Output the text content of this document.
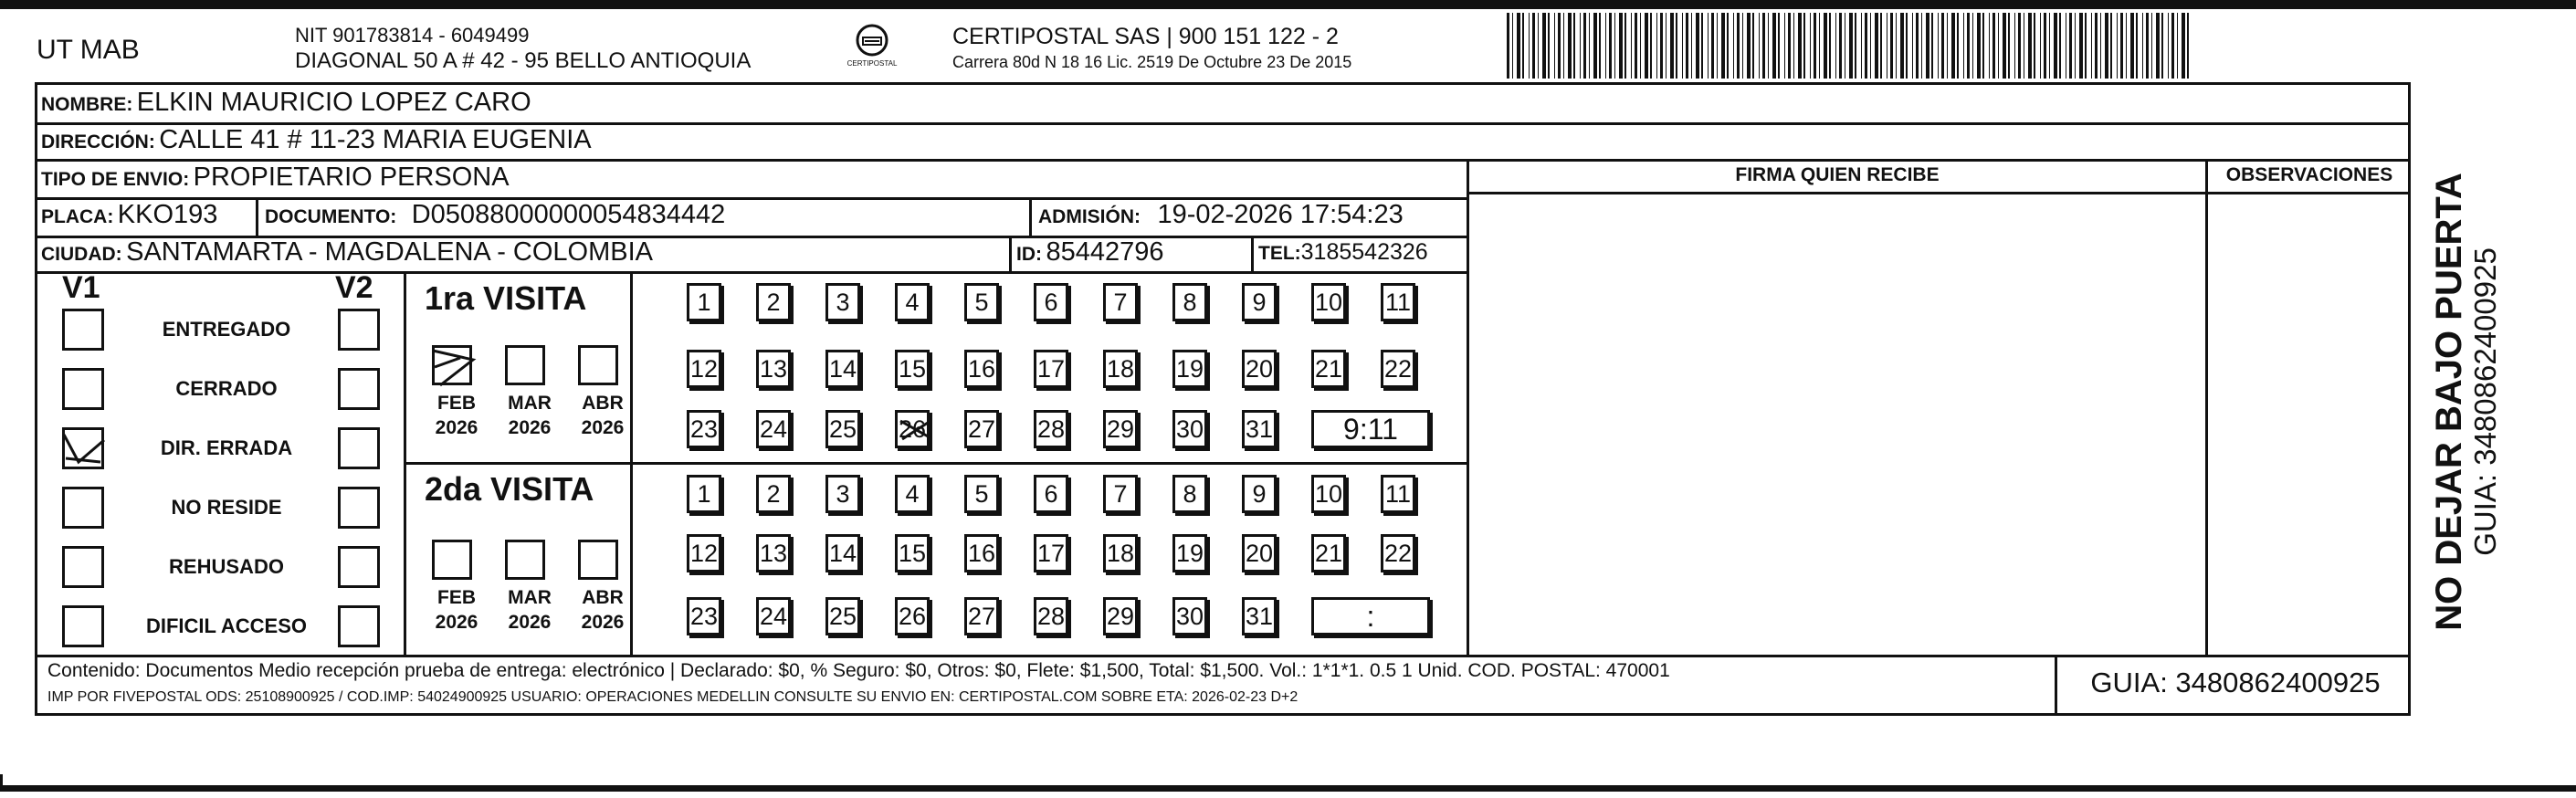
UT MAB	NIT 901783814 - 6049499
DIAGONAL 50 A # 42 - 95 BELLO ANTIOQUIA	CERTIPOSTAL
CERTIPOSTAL SAS | 900 151 122 - 2
Carrera 80d N 18 16 Lic. 2519 De Octubre 23 De 2015
NOMBRE: ELKIN MAURICIO LOPEZ CARO
DIRECCIÓN: CALLE 41 # 11-23 MARIA EUGENIA
TIPO DE ENVIO: PROPIETARIO PERSONA
PLACA: KKO193 DOCUMENTO: D05088000000054834442	ADMISIÓN: 19-02-2026 17:54:23
CIUDAD: SANTAMARTA - MAGDALENA - COLOMBIA	ID: 85442796	TEL:3185542326
FIRMA QUIEN RECIBE	OBSERVACIONES
V1	V2 1ra VISITA
2da VISITA
Contenido: Documentos Medio recepción prueba de entrega: electrónico | Declarado: $0, % Seguro: $0, Otros: $0, Flete: $1,500, Total: $1,500. Vol.: 1*1*1. 0.5 1 Unid. COD. POSTAL: 470001
IMP POR FIVEPOSTAL ODS: 25108900925 / COD.IMP: 54024900925 USUARIO: OPERACIONES MEDELLIN CONSULTE SU ENVIO EN: CERTIPOSTAL.COM SOBRE ETA: 2026-02-23 D+2	GUIA: 3480862400925
NO DEJAR BAJO PUERTA GUIA: 3480862400925
ENTREGADO
CERRADO
DIR. ERRADA
NO RESIDE
REHUSADO
DIFICIL ACCESO
FEB
2026
MAR
2026
ABR
2026
FEB
2026
MAR
2026
ABR
2026
1	2	3	4	5	6	7	8	9	10 11
12 13 14 15 16 17 18 19 20 21 22
23 24 25 26 27 28 29 30 31	9:11
1	2	3	4	5	6	7	8	9	10 11
12 13 14 15 16 17 18 19 20 21 22
23 24 25 26 27 28 29 30 31	:
